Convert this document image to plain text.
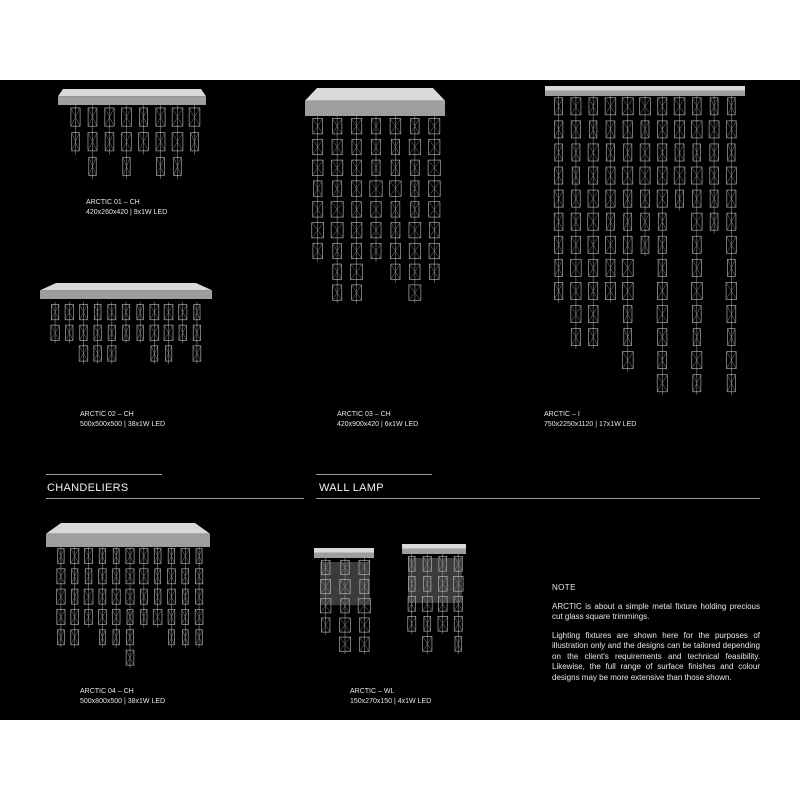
ARCTIC 01 – CH
420x260x420 | 9x1W LED
ARCTIC 02 – CH
500x500x500 | 38x1W LED
ARCTIC 03 – CH
420x900x420 | 6x1W LED
ARCTIC – I
750x2250x1120 | 17x1W LED
CHANDELIERS	WALL LAMP
ARCTIC 04 – CH
500x800x500 | 38x1W LED
ARCTIC – WL
150x270x150 | 4x1W LED
NOTE

ARCTIC is about a simple metal fixture holding precious cut glass square trimmings.

Lighting fixtures are shown here for the purposes of illustration only and the designs can be tailored depending on the client's requirements and technical feasibility. Likewise, the full range of surface finishes and colour designs may be more extensive than those shown.
